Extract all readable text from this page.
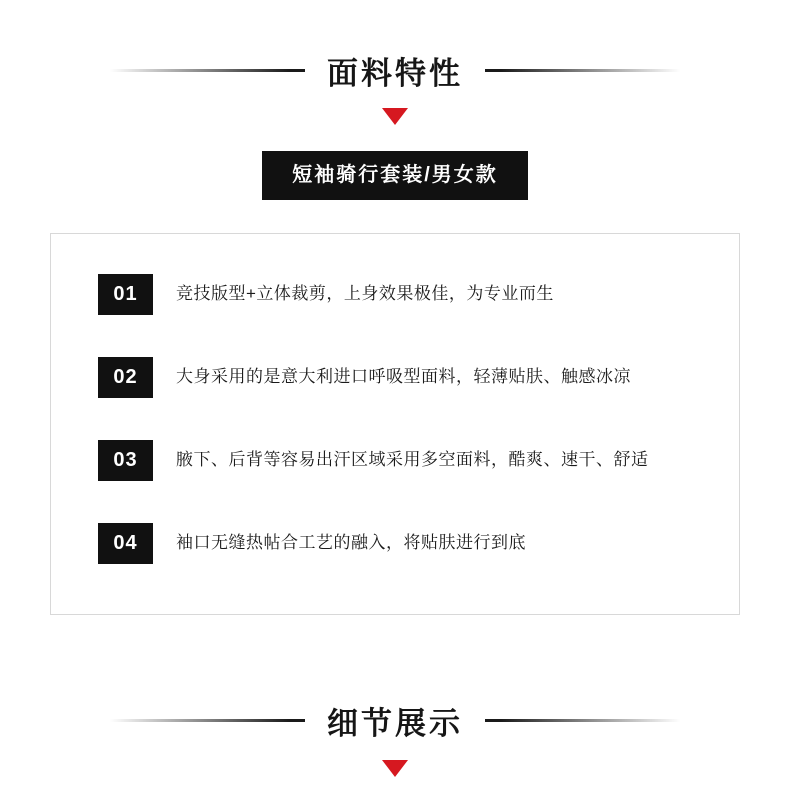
面料特性
短袖骑行套装/男女款
01	竞技版型+立体裁剪，上身效果极佳，为专业而生
02	大身采用的是意大利进口呼吸型面料，轻薄贴肤、触感冰凉
03	腋下、后背等容易出汗区域采用多空面料，酷爽、速干、舒适
04	袖口无缝热帖合工艺的融入，将贴肤进行到底
细节展示
